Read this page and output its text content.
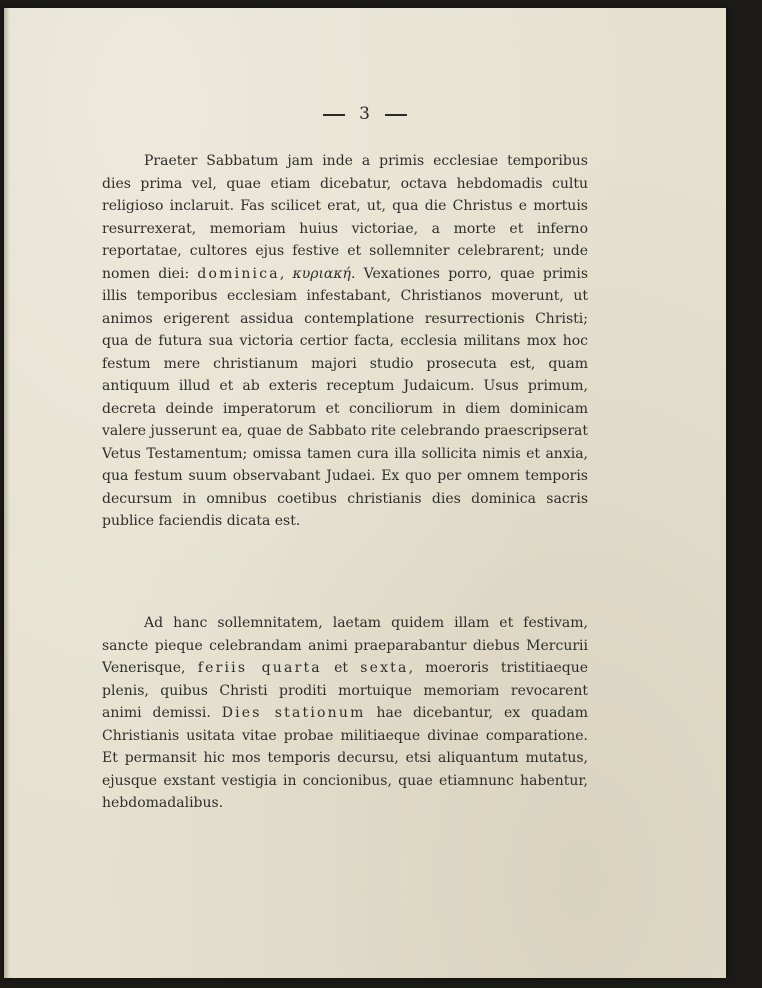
3

Praeter Sabbatum jam inde a primis ecclesiae temporibus dies prima vel, quae etiam dicebatur, octava hebdomadis cultu religioso inclaruit. Fas scilicet erat, ut, qua die Christus e mortuis resurrexerat, memoriam huius victoriae, a morte et inferno reportatae, cultores ejus festive et sollemniter celebrarent; unde nomen diei: dominica, κυριακή. Vexationes porro, quae primis illis temporibus ecclesiam infestabant, Christianos moverunt, ut animos erigerent assidua contemplatione resurrectionis Christi; qua de futura sua victoria certior facta, ecclesia militans mox hoc festum mere christianum majori studio prosecuta est, quam antiquum illud et ab exteris receptum Judaicum. Usus primum, decreta deinde imperatorum et conciliorum in diem dominicam valere jusserunt ea, quae de Sabbato rite celebrando praescripserat Vetus Testamentum; omissa tamen cura illa sollicita nimis et anxia, qua festum suum observabant Judaei. Ex quo per omnem temporis decursum in omnibus coetibus christianis dies dominica sacris publice faciendis dicata est.

Ad hanc sollemnitatem, laetam quidem illam et festivam, sancte pieque celebrandam animi praeparabantur diebus Mercurii Venerisque, feriis quarta et sexta, moeroris tristitiaeque plenis, quibus Christi proditi mortuique memoriam revocarent animi demissi. Dies stationum hae dicebantur, ex quadam Christianis usitata vitae probae militiaeque divinae comparatione. Et permansit hic mos temporis decursu, etsi aliquantum mutatus, ejusque exstant vestigia in concionibus, quae etiamnunc habentur, hebdomadalibus.
